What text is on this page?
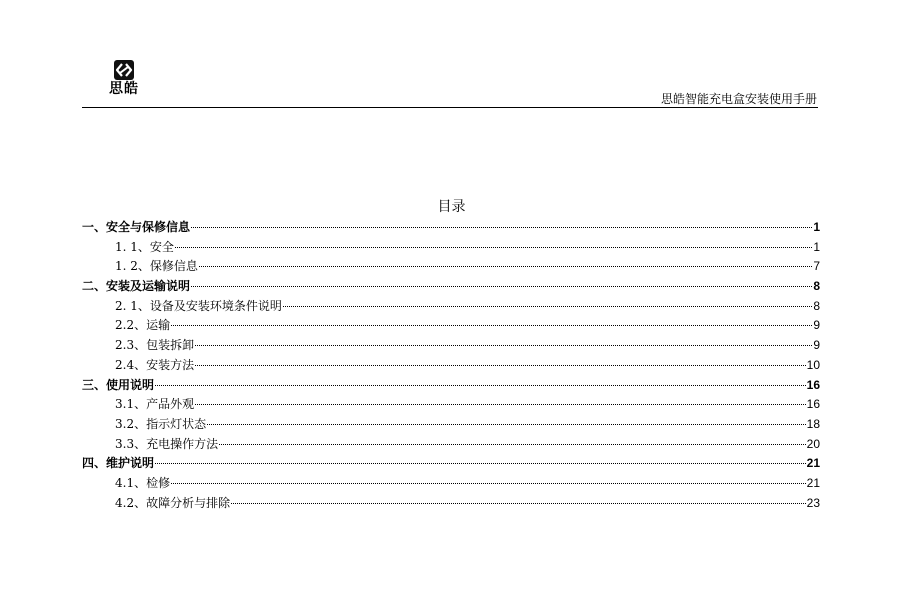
思皓
思皓智能充电盒安装使用手册
目录
一、安全与保修信息	1
1. 1、安全	1
1. 2、保修信息	7
二、安装及运输说明	8
2. 1、设备及安装环境条件说明	8
2.2、运输	9
2.3、包装拆卸	9
2.4、安装方法	10
三、使用说明	16
3.1、产品外观	16
3.2、指示灯状态	18
3.3、充电操作方法	20
四、维护说明	21
4.1、检修	21
4.2、故障分析与排除	23
